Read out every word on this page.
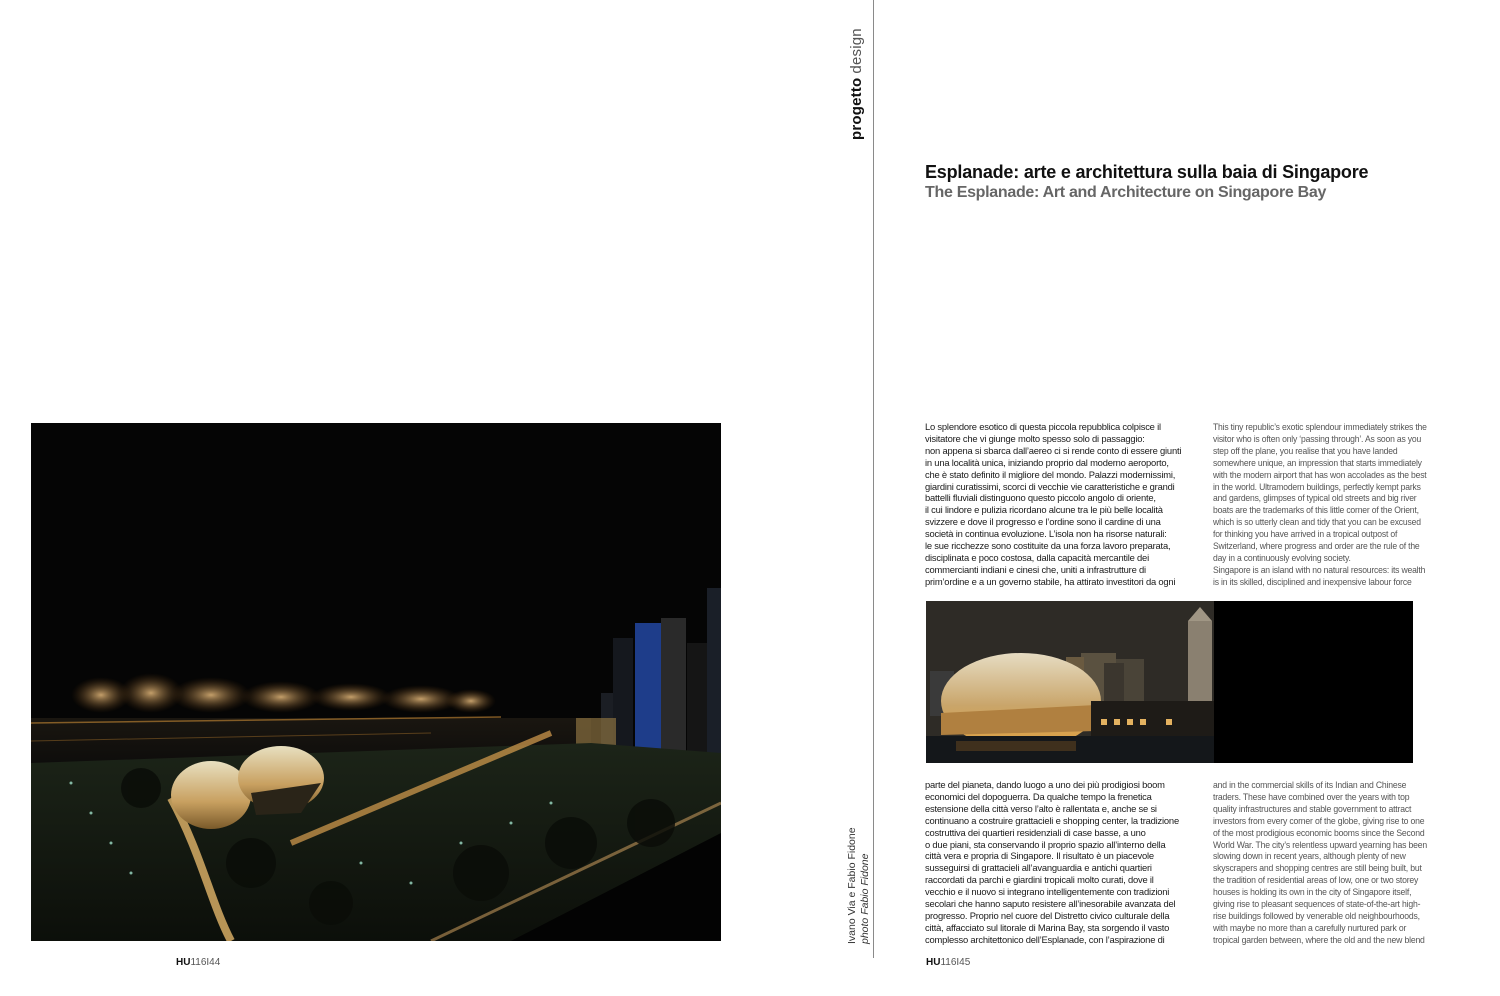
HU116I44
progettodesign
Ivano Via e Fabio Fidone photo Fabio Fidone
Esplanade: arte e architettura sulla baia di Singapore
The Esplanade: Art and Architecture on Singapore Bay
Lo splendore esotico di questa piccola repubblica colpisce il
visitatore che vi giunge molto spesso solo di passaggio:
non appena si sbarca dall’aereo ci si rende conto di essere giunti
in una località unica, iniziando proprio dal moderno aeroporto,
che è stato definito il migliore del mondo. Palazzi modernissimi,
giardini curatissimi, scorci di vecchie vie caratteristiche e grandi
battelli fluviali distinguono questo piccolo angolo di oriente,
il cui lindore e pulizia ricordano alcune tra le più belle località
svizzere e dove il progresso e l’ordine sono il cardine di una
società in continua evoluzione. L’isola non ha risorse naturali:
le sue ricchezze sono costituite da una forza lavoro preparata,
disciplinata e poco costosa, dalla capacità mercantile dei
commercianti indiani e cinesi che, uniti a infrastrutture di
prim’ordine e a un governo stabile, ha attirato investitori da ogni
This tiny republic’s exotic splendour immediately strikes the
visitor who is often only ‘passing through’. As soon as you
step off the plane, you realise that you have landed
somewhere unique, an impression that starts immediately
with the modern airport that has won accolades as the best
in the world. Ultramodern buildings, perfectly kempt parks
and gardens, glimpses of typical old streets and big river
boats are the trademarks of this little corner of the Orient,
which is so utterly clean and tidy that you can be excused
for thinking you have arrived in a tropical outpost of
Switzerland, where progress and order are the rule of the
day in a continuously evolving society.
Singapore is an island with no natural resources: its wealth
is in its skilled, disciplined and inexpensive labour force
parte del pianeta, dando luogo a uno dei più prodigiosi boom
economici del dopoguerra. Da qualche tempo la frenetica
estensione della città verso l’alto è rallentata e, anche se si
continuano a costruire grattacieli e shopping center, la tradizione
costruttiva dei quartieri residenziali di case basse, a uno
o due piani, sta conservando il proprio spazio all’interno della
città vera e propria di Singapore. Il risultato è un piacevole
susseguirsi di grattacieli all’avanguardia e antichi quartieri
raccordati da parchi e giardini tropicali molto curati, dove il
vecchio e il nuovo si integrano intelligentemente con tradizioni
secolari che hanno saputo resistere all’inesorabile avanzata del
progresso. Proprio nel cuore del Distretto civico culturale della
città, affacciato sul litorale di Marina Bay, sta sorgendo il vasto
complesso architettonico dell’Esplanade, con l’aspirazione di
and in the commercial skills of its Indian and Chinese
traders. These have combined over the years with top
quality infrastructures and stable government to attract
investors from every corner of the globe, giving rise to one
of the most prodigious economic booms since the Second
World War. The city’s relentless upward yearning has been
slowing down in recent years, although plenty of new
skyscrapers and shopping centres are still being built, but
the tradition of residential areas of low, one or two storey
houses is holding its own in the city of Singapore itself,
giving rise to pleasant sequences of state-of-the-art high-
rise buildings followed by venerable old neighbourhoods,
with maybe no more than a carefully nurtured park or
tropical garden between, where the old and the new blend
HU116I45
